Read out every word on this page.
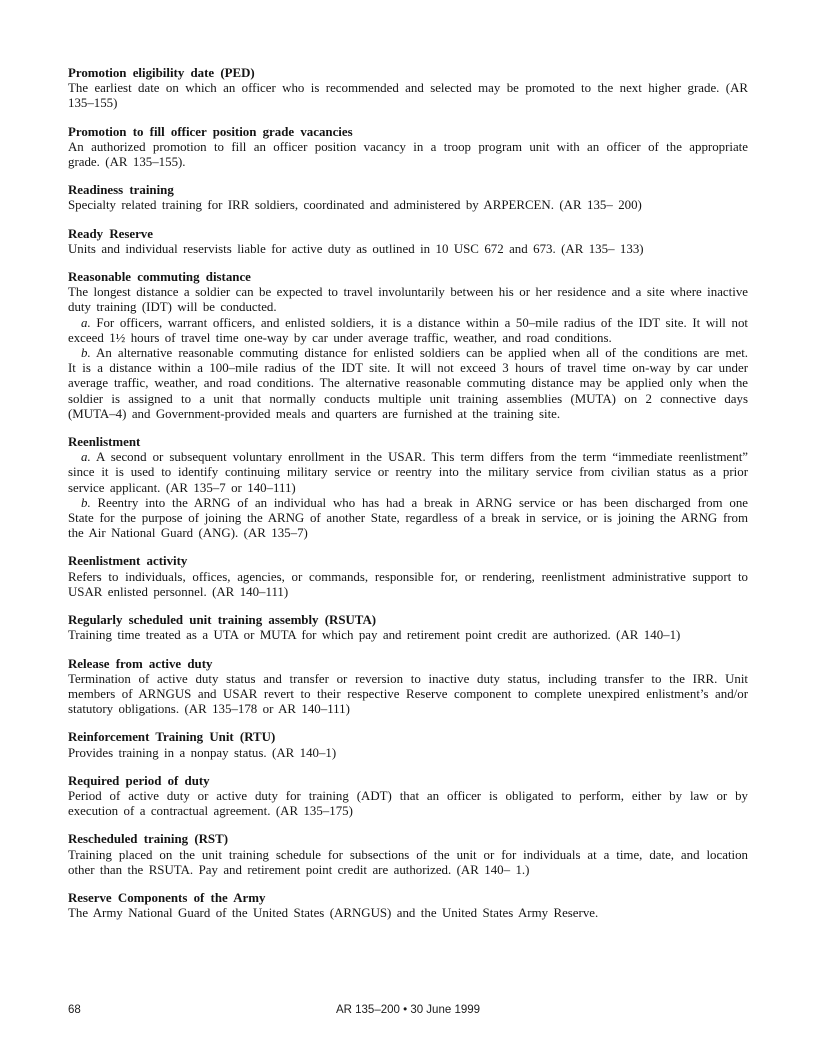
Promotion eligibility date (PED)

The earliest date on which an officer who is recommended and selected may be promoted to the next higher grade. (AR 135–155)

Promotion to fill officer position grade vacancies

An authorized promotion to fill an officer position vacancy in a troop program unit with an officer of the appropriate grade. (AR 135–155).

Readiness training

Specialty related training for IRR soldiers, coordinated and administered by ARPERCEN. (AR 135– 200)

Ready Reserve

Units and individual reservists liable for active duty as outlined in 10 USC 672 and 673. (AR 135– 133)

Reasonable commuting distance

The longest distance a soldier can be expected to travel involuntarily between his or her residence and a site where inactive duty training (IDT) will be conducted.

a. For officers, warrant officers, and enlisted soldiers, it is a distance within a 50–mile radius of the IDT site. It will not exceed 1½ hours of travel time one-way by car under average traffic, weather, and road conditions.

b. An alternative reasonable commuting distance for enlisted soldiers can be applied when all of the conditions are met. It is a distance within a 100–mile radius of the IDT site. It will not exceed 3 hours of travel time on-way by car under average traffic, weather, and road conditions. The alternative reasonable commuting distance may be applied only when the soldier is assigned to a unit that normally conducts multiple unit training assemblies (MUTA) on 2 connective days (MUTA–4) and Government-provided meals and quarters are furnished at the training site.

Reenlistment

a. A second or subsequent voluntary enrollment in the USAR. This term differs from the term “immediate reenlistment” since it is used to identify continuing military service or reentry into the military service from civilian status as a prior service applicant. (AR 135–7 or 140–111)

b. Reentry into the ARNG of an individual who has had a break in ARNG service or has been discharged from one State for the purpose of joining the ARNG of another State, regardless of a break in service, or is joining the ARNG from the Air National Guard (ANG). (AR 135–7)

Reenlistment activity

Refers to individuals, offices, agencies, or commands, responsible for, or rendering, reenlistment administrative support to USAR enlisted personnel. (AR 140–111)

Regularly scheduled unit training assembly (RSUTA)

Training time treated as a UTA or MUTA for which pay and retirement point credit are authorized. (AR 140–1)

Release from active duty

Termination of active duty status and transfer or reversion to inactive duty status, including transfer to the IRR. Unit members of ARNGUS and USAR revert to their respective Reserve component to complete unexpired enlistment’s and/or statutory obligations. (AR 135–178 or AR 140–111)

Reinforcement Training Unit (RTU)

Provides training in a nonpay status. (AR 140–1)

Required period of duty

Period of active duty or active duty for training (ADT) that an officer is obligated to perform, either by law or by execution of a contractual agreement. (AR 135–175)

Rescheduled training (RST)

Training placed on the unit training schedule for subsections of the unit or for individuals at a time, date, and location other than the RSUTA. Pay and retirement point credit are authorized. (AR 140– 1.)

Reserve Components of the Army

The Army National Guard of the United States (ARNGUS) and the United States Army Reserve.

68	AR 135–200 • 30 June 1999
